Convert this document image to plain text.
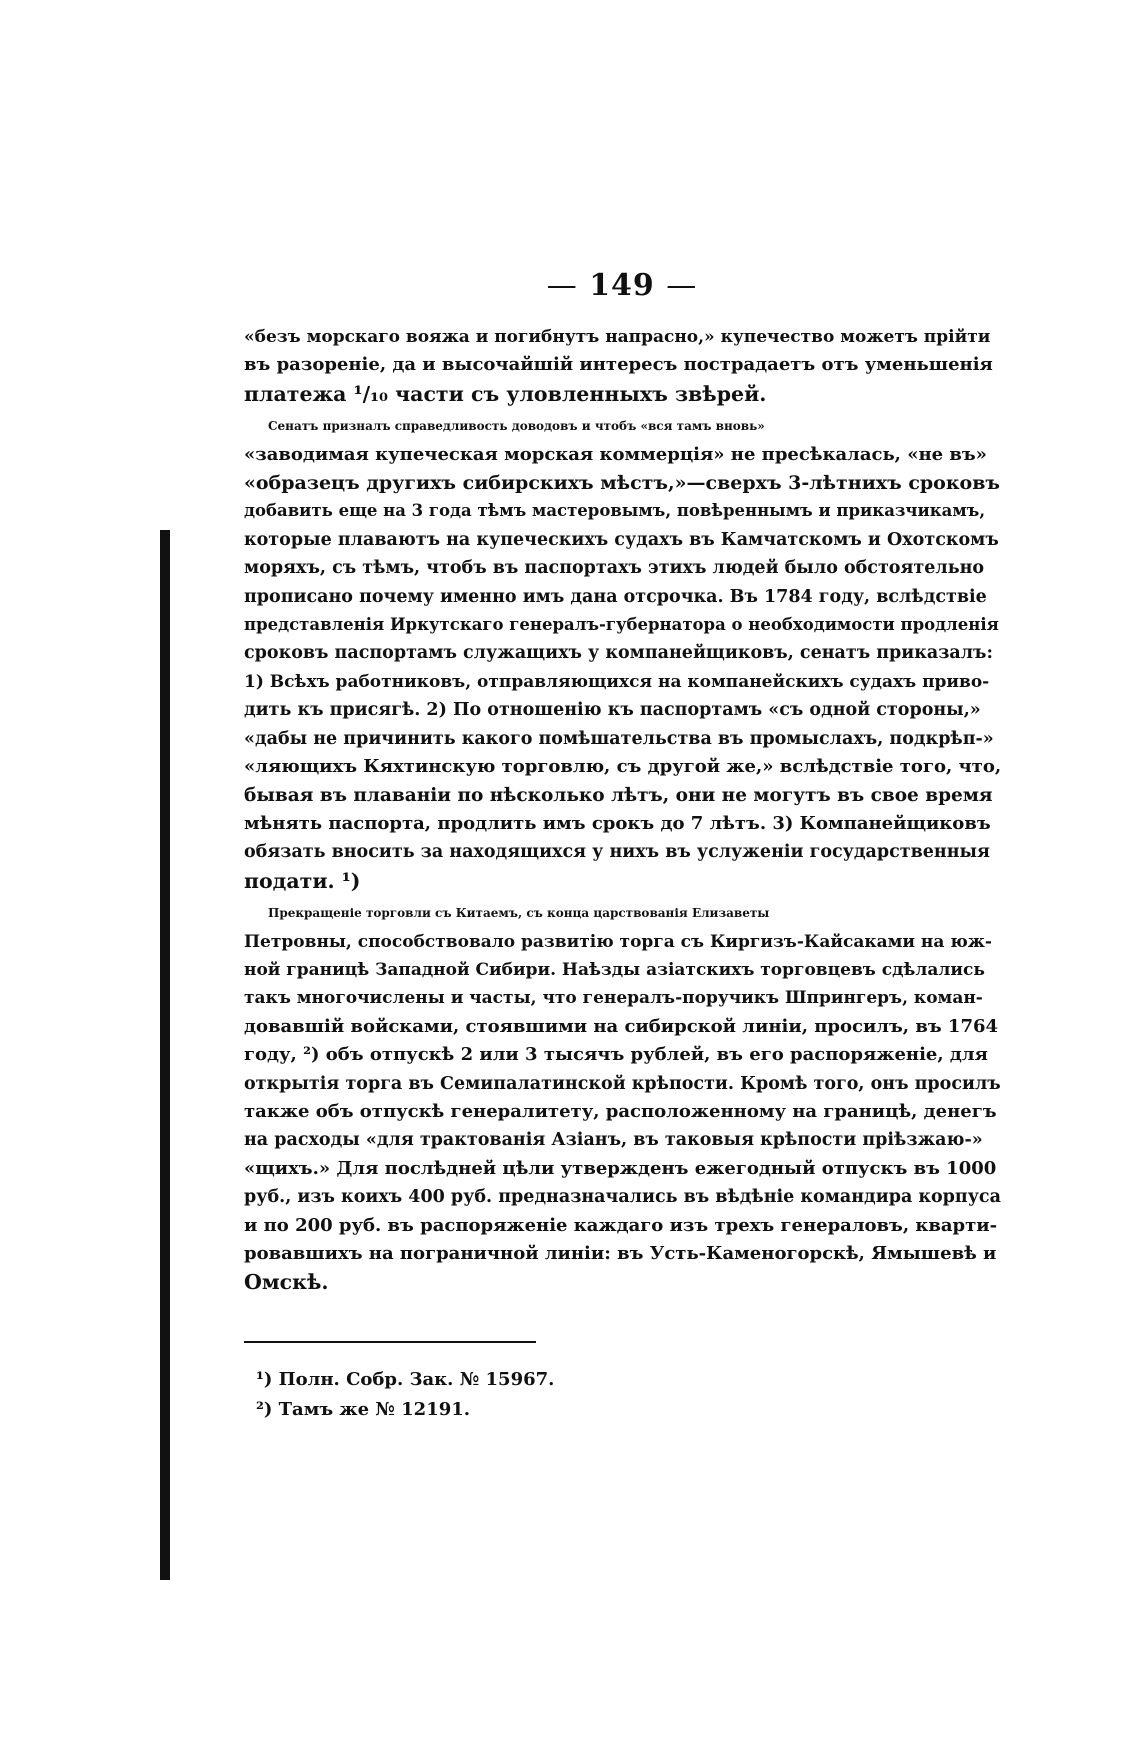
— 149 —
«безъ морскаго вояжа и погибнутъ напрасно,» купечество можетъ прійти
въ разореніе, да и высочайшій интересъ пострадаетъ отъ уменьшенія
платежа ¹/₁₀ части съ уловленныхъ звѣрей.
Сенатъ призналъ справедливость доводовъ и чтобъ «вся тамъ вновь»
«заводимая купеческая морская коммерція» не пресѣкалась, «не въ»
«образецъ другихъ сибирскихъ мѣстъ,»—сверхъ 3-лѣтнихъ сроковъ
добавить еще на 3 года тѣмъ мастеровымъ, повѣреннымъ и приказчикамъ,
которые плаваютъ на купеческихъ судахъ въ Камчатскомъ и Охотскомъ
моряхъ, съ тѣмъ, чтобъ въ паспортахъ этихъ людей было обстоятельно
прописано почему именно имъ дана отсрочка. Въ 1784 году, вслѣдствіе
представленія Иркутскаго генералъ-губернатора о необходимости продленія
сроковъ паспортамъ служащихъ у компанейщиковъ, сенатъ приказалъ:
1) Всѣхъ работниковъ, отправляющихся на компанейскихъ судахъ приво-
дить къ присягѣ. 2) По отношенію къ паспортамъ «съ одной стороны,»
«дабы не причинить какого помѣшательства въ промыслахъ, подкрѣп-»
«ляющихъ Кяхтинскую торговлю, съ другой же,» вслѣдствіе того, что,
бывая въ плаваніи по нѣсколько лѣтъ, они не могутъ въ свое время
мѣнять паспорта, продлить имъ срокъ до 7 лѣтъ. 3) Компанейщиковъ
обязать вносить за находящихся у нихъ въ услуженіи государственныя
подати. ¹)
Прекращеніе торговли съ Китаемъ, съ конца царствованія Елизаветы
Петровны, способствовало развитію торга съ Киргизъ-Кайсаками на юж-
ной границѣ Западной Сибири. Наѣзды азіатскихъ торговцевъ сдѣлались
такъ многочислены и часты, что генералъ-поручикъ Шпрингеръ, коман-
довавшій войсками, стоявшими на сибирской линіи, просилъ, въ 1764
году, ²) объ отпускѣ 2 или 3 тысячъ рублей, въ его распоряженіе, для
открытія торга въ Семипалатинской крѣпости. Кромѣ того, онъ просилъ
также объ отпускѣ генералитету, расположенному на границѣ, денегъ
на расходы «для трактованія Азіанъ, въ таковыя крѣпости пріѣзжаю-»
«щихъ.» Для послѣдней цѣли утвержденъ ежегодный отпускъ въ 1000
руб., изъ коихъ 400 руб. предназначались въ вѣдѣніе командира корпуса
и по 200 руб. въ распоряженіе каждаго изъ трехъ генераловъ, кварти-
ровавшихъ на пограничной линіи: въ Усть-Каменогорскѣ, Ямышевѣ и
Омскѣ.
¹) Полн. Собр. Зак. № 15967.
²) Тамъ же № 12191.
